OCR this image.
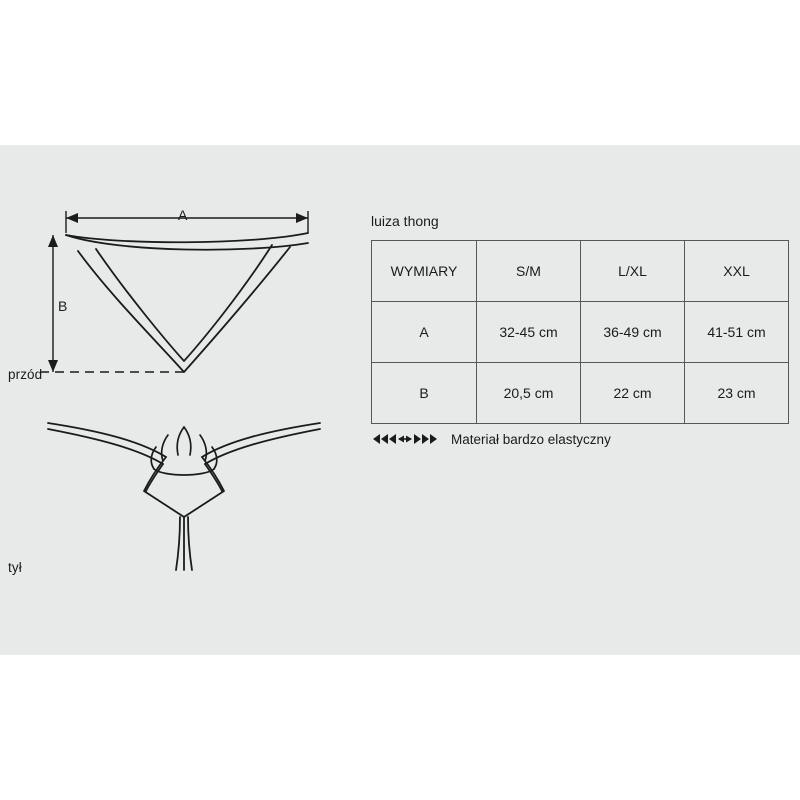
przód
tył
A
B
luiza thong
WYMIARY	S/M	L/XL	XXL
A	32-45 cm	36-49 cm	41-51 cm
B	20,5 cm	22 cm	23 cm
Materiał bardzo elastyczny
